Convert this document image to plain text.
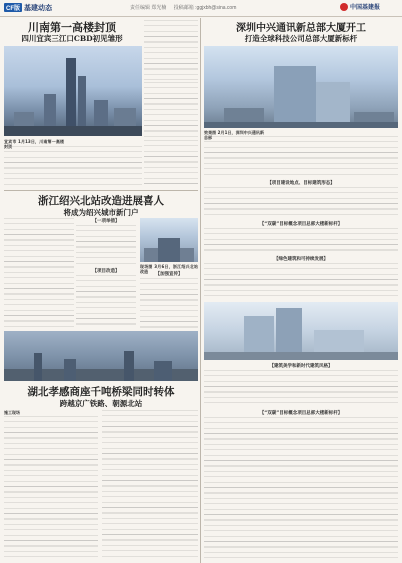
CF版 基建动态	责任编辑 郑光楠 投稿邮箱 :ggjxbh@sina.com	中国基建报
川南第一高楼封顶
四川宜宾三江口CBD初见雏形
宜宾市 1月13日，川南第一高楼封顶
浙江绍兴北站改造进展喜人
将成为绍兴城市新门户
【一项举措】
【项目改造】
现场图 3月6日，浙江绍兴北站改造
【加强宣传】
湖北孝感商座千吨桥梁同时转体
跨越京广铁路、朝源北站
施工现场
深圳中兴通讯新总部大厦开工
打造全球科技公司总部大厦新标杆
效果图 2月1日，深圳中兴通讯新总部
【项目建设地点、目标建筑形态】
【“双碳”目标概念项目总部大楼新标杆】
【绿色建筑和可持续发展】
【建筑美学和新时代建筑风格】
【“双碳”目标概念项目总部大楼新标杆】
